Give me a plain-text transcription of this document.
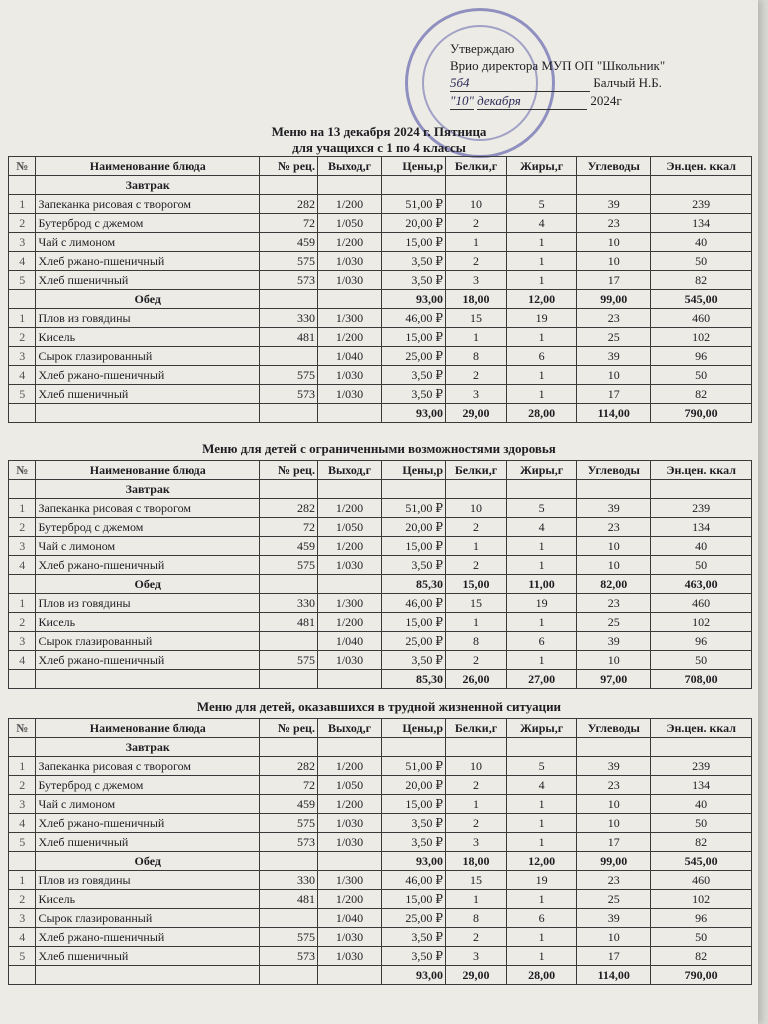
Утверждаю
Врио директора МУП ОП "Школьник"
5б4	Балчый Н.Б.
"10" декабря	2024г
Меню на 13 декабря 2024 г. Пятница
для учащихся с 1 по 4 классы
№	Наименование блюда	№ рец.	Выход,г	Цены,р	Белки,г	Жиры,г	Углеводы	Эн.цен. ккал
	Завтрак							
1	Запеканка рисовая с творогом	282	1/200	51,00 ₽	10	5	39	239
2	Бутерброд с джемом	72	1/050	20,00 ₽	2	4	23	134
3	Чай с лимоном	459	1/200	15,00 ₽	1	1	10	40
4	Хлеб ржано-пшеничный	575	1/030	3,50 ₽	2	1	10	50
5	Хлеб пшеничный	573	1/030	3,50 ₽	3	1	17	82
	Обед			93,00	18,00	12,00	99,00	545,00
1	Плов из говядины	330	1/300	46,00 ₽	15	19	23	460
2	Кисель	481	1/200	15,00 ₽	1	1	25	102
3	Сырок глазированный		1/040	25,00 ₽	8	6	39	96
4	Хлеб ржано-пшеничный	575	1/030	3,50 ₽	2	1	10	50
5	Хлеб пшеничный	573	1/030	3,50 ₽	3	1	17	82
				93,00	29,00	28,00	114,00	790,00
Меню для детей с ограниченными возможностями здоровья
№	Наименование блюда	№ рец.	Выход,г	Цены,р	Белки,г	Жиры,г	Углеводы	Эн.цен. ккал
	Завтрак							
1	Запеканка рисовая с творогом	282	1/200	51,00 ₽	10	5	39	239
2	Бутерброд с джемом	72	1/050	20,00 ₽	2	4	23	134
3	Чай с лимоном	459	1/200	15,00 ₽	1	1	10	40
4	Хлеб ржано-пшеничный	575	1/030	3,50 ₽	2	1	10	50
	Обед			85,30	15,00	11,00	82,00	463,00
1	Плов из говядины	330	1/300	46,00 ₽	15	19	23	460
2	Кисель	481	1/200	15,00 ₽	1	1	25	102
3	Сырок глазированный		1/040	25,00 ₽	8	6	39	96
4	Хлеб ржано-пшеничный	575	1/030	3,50 ₽	2	1	10	50
				85,30	26,00	27,00	97,00	708,00
Меню для детей, оказавшихся в трудной жизненной ситуации
№	Наименование блюда	№ рец.	Выход,г	Цены,р	Белки,г	Жиры,г	Углеводы	Эн.цен. ккал
	Завтрак							
1	Запеканка рисовая с творогом	282	1/200	51,00 ₽	10	5	39	239
2	Бутерброд с джемом	72	1/050	20,00 ₽	2	4	23	134
3	Чай с лимоном	459	1/200	15,00 ₽	1	1	10	40
4	Хлеб ржано-пшеничный	575	1/030	3,50 ₽	2	1	10	50
5	Хлеб пшеничный	573	1/030	3,50 ₽	3	1	17	82
	Обед			93,00	18,00	12,00	99,00	545,00
1	Плов из говядины	330	1/300	46,00 ₽	15	19	23	460
2	Кисель	481	1/200	15,00 ₽	1	1	25	102
3	Сырок глазированный		1/040	25,00 ₽	8	6	39	96
4	Хлеб ржано-пшеничный	575	1/030	3,50 ₽	2	1	10	50
5	Хлеб пшеничный	573	1/030	3,50 ₽	3	1	17	82
				93,00	29,00	28,00	114,00	790,00
